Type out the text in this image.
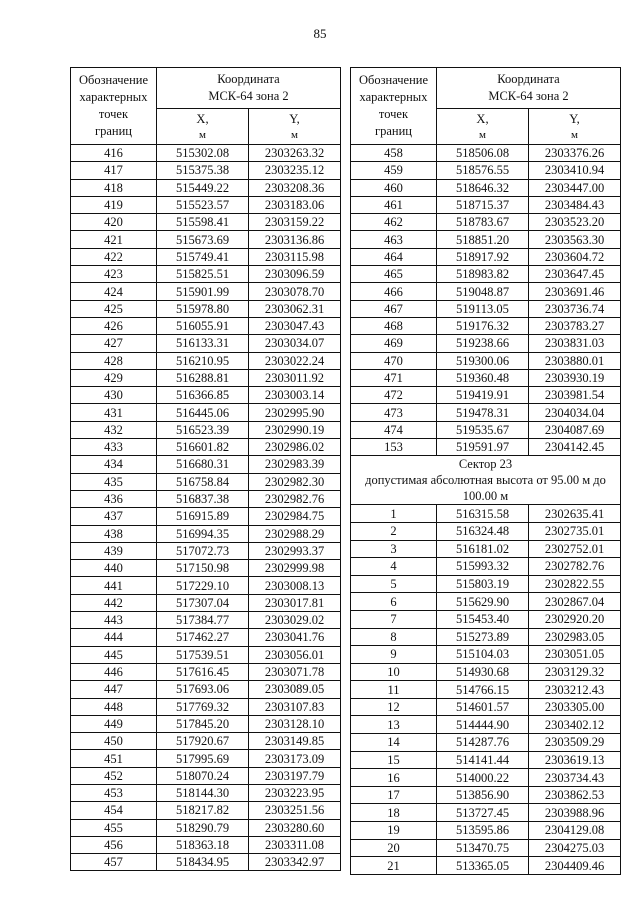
85
Обозначение
характерных
точек
границ	Координата
МСК-64 зона 2	

	X,
м	Y,
м

416	515302.08	2303263.32
417	515375.38	2303235.12
418	515449.22	2303208.36
419	515523.57	2303183.06
420	515598.41	2303159.22
421	515673.69	2303136.86
422	515749.41	2303115.98
423	515825.51	2303096.59
424	515901.99	2303078.70
425	515978.80	2303062.31
426	516055.91	2303047.43
427	516133.31	2303034.07
428	516210.95	2303022.24
429	516288.81	2303011.92
430	516366.85	2303003.14
431	516445.06	2302995.90
432	516523.39	2302990.19
433	516601.82	2302986.02
434	516680.31	2302983.39
435	516758.84	2302982.30
436	516837.38	2302982.76
437	516915.89	2302984.75
438	516994.35	2302988.29
439	517072.73	2302993.37
440	517150.98	2302999.98
441	517229.10	2303008.13
442	517307.04	2303017.81
443	517384.77	2303029.02
444	517462.27	2303041.76
445	517539.51	2303056.01
446	517616.45	2303071.78
447	517693.06	2303089.05
448	517769.32	2303107.83
449	517845.20	2303128.10
450	517920.67	2303149.85
451	517995.69	2303173.09
452	518070.24	2303197.79
453	518144.30	2303223.95
454	518217.82	2303251.56
455	518290.79	2303280.60
456	518363.18	2303311.08
457	518434.95	2303342.97
Обозначение
характерных
точек
границ	Координата
МСК-64 зона 2	

	X,
м	Y,
м

458	518506.08	2303376.26
459	518576.55	2303410.94
460	518646.32	2303447.00
461	518715.37	2303484.43
462	518783.67	2303523.20
463	518851.20	2303563.30
464	518917.92	2303604.72
465	518983.82	2303647.45
466	519048.87	2303691.46
467	519113.05	2303736.74
468	519176.32	2303783.27
469	519238.66	2303831.03
470	519300.06	2303880.01
471	519360.48	2303930.19
472	519419.91	2303981.54
473	519478.31	2304034.04
474	519535.67	2304087.69
153	519591.97	2304142.45

Сектор 23
допустимая абсолютная высота от 95.00 м до 100.00 м		

1	516315.58	2302635.41
2	516324.48	2302735.01
3	516181.02	2302752.01
4	515993.32	2302782.76
5	515803.19	2302822.55
6	515629.90	2302867.04
7	515453.40	2302920.20
8	515273.89	2302983.05
9	515104.03	2303051.05
10	514930.68	2303129.32
11	514766.15	2303212.43
12	514601.57	2303305.00
13	514444.90	2303402.12
14	514287.76	2303509.29
15	514141.44	2303619.13
16	514000.22	2303734.43
17	513856.90	2303862.53
18	513727.45	2303988.96
19	513595.86	2304129.08
20	513470.75	2304275.03
21	513365.05	2304409.46
